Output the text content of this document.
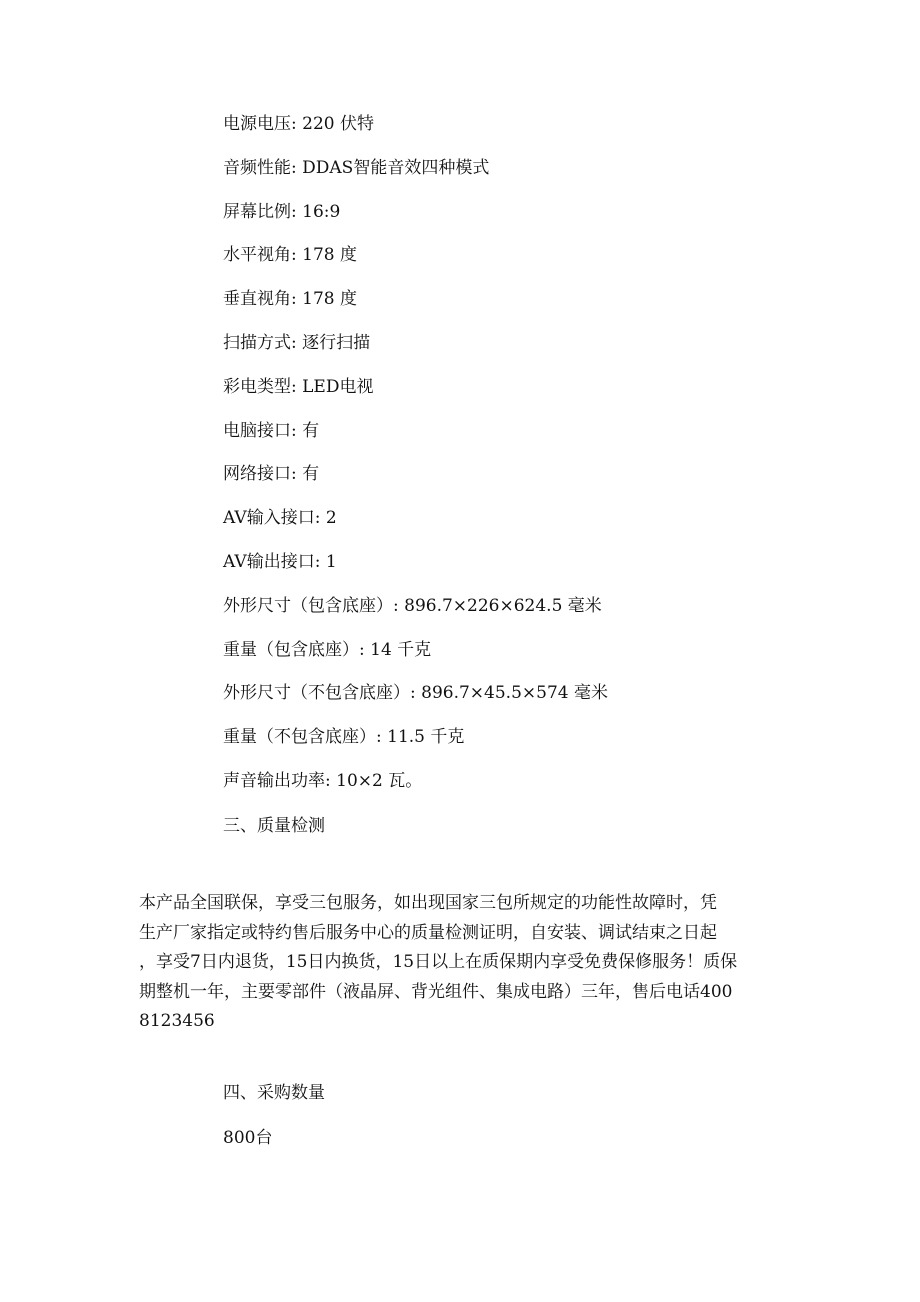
电源电压: 220 伏特
音频性能: DDAS智能音效四种模式
屏幕比例: 16:9
水平视角: 178 度
垂直视角: 178 度
扫描方式: 逐行扫描
彩电类型: LED电视
电脑接口: 有
网络接口: 有
AV输入接口: 2
AV输出接口: 1
外形尺寸（包含底座）: 896.7×226×624.5 毫米
重量（包含底座）: 14 千克
外形尺寸（不包含底座）: 896.7×45.5×574 毫米
重量（不包含底座）: 11.5 千克
声音输出功率: 10×2 瓦。
三、质量检测
本产品全国联保，享受三包服务，如出现国家三包所规定的功能性故障时，凭
生产厂家指定或特约售后服务中心的质量检测证明，自安装、调试结束之日起
，享受7日内退货，15日内换货，15日以上在质保期内享受免费保修服务！质保
期整机一年，主要零部件（液晶屏、背光组件、集成电路）三年，售后电话400
8123456
四、采购数量
800台
